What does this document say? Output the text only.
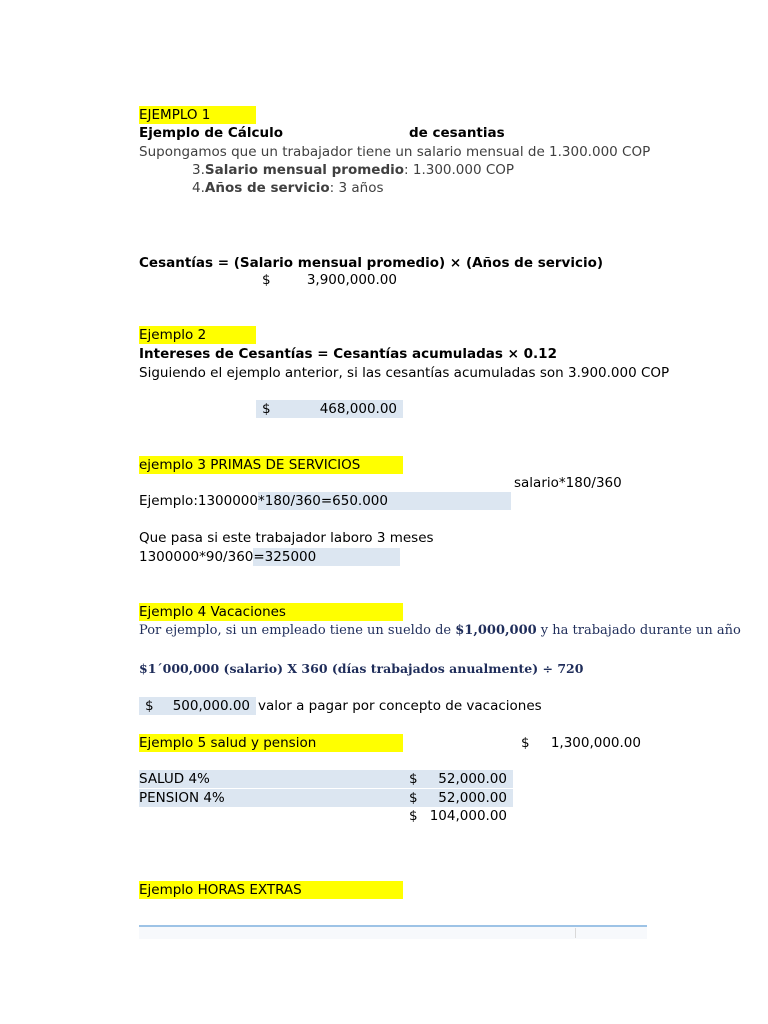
EJEMPLO 1
Ejemplo de Cálculo	de cesantias
Supongamos que un trabajador tiene un salario mensual de 1.300.000 COP
3.Salario mensual promedio: 1.300.000 COP
4.Años de servicio: 3 años
Cesantías = (Salario mensual promedio) × (Años de servicio)
$	3,900,000.00
Ejemplo 2
Intereses de Cesantías = Cesantías acumuladas × 0.12
Siguiendo el ejemplo anterior, si las cesantías acumuladas son 3.900.000 COP
$	468,000.00
ejemplo 3 PRIMAS DE SERVICIOS
salario*180/360
Ejemplo:1300000*180/360=650.000
Que pasa si este trabajador laboro 3 meses
1300000*90/360=325000
Ejemplo 4 Vacaciones
Por ejemplo, si un empleado tiene un sueldo de $1,000,000 y ha trabajado durante un año
$1´000,000 (salario) X 360 (días trabajados anualmente) ÷ 720
$ 500,000.00 valor a pagar por concepto de vacaciones
Ejemplo 5 salud y pension	$ 1,300,000.00
SALUD 4%	$ 52,000.00
PENSION 4%	$ 52,000.00
$ 104,000.00
Ejemplo HORAS EXTRAS
